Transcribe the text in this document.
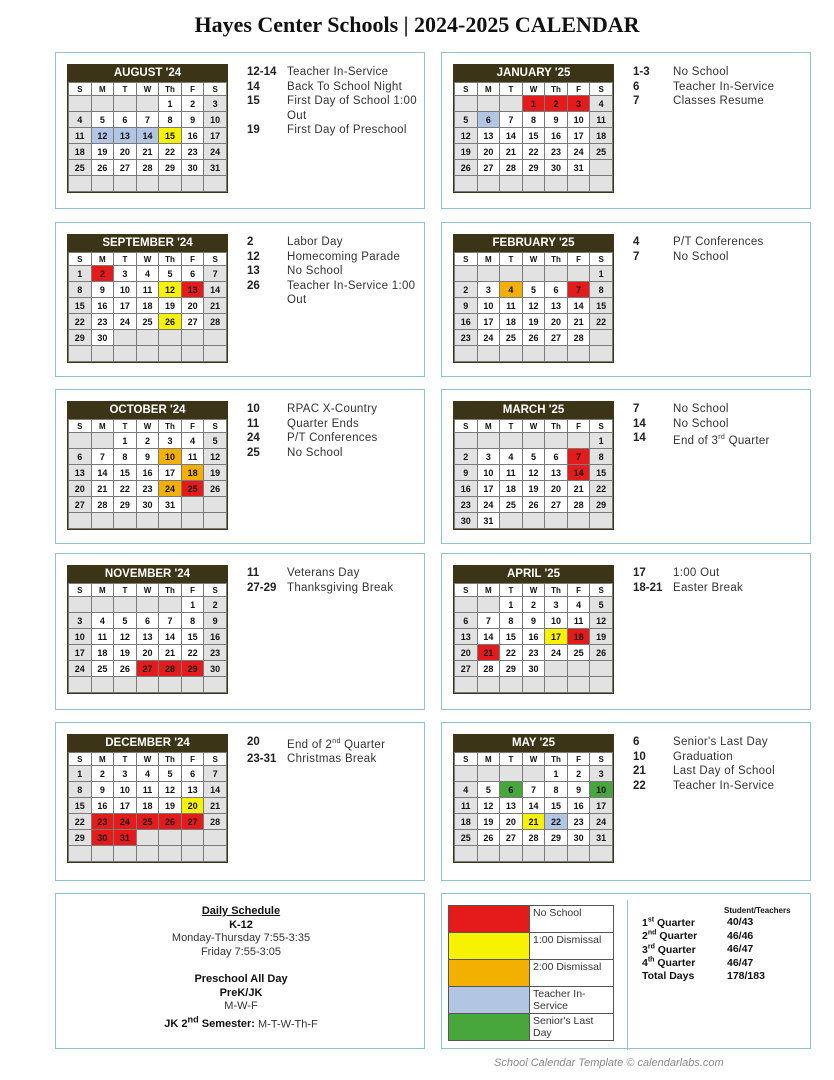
Hayes Center Schools | 2024-2025 CALENDAR
AUGUST '24
S	M	T	W	Th	F	S
				1	2	3
4	5	6	7	8	9	10
11	12	13	14	15	16	17
18	19	20	21	22	23	24
25	26	27	28	29	30	31

12-14 Teacher In-Service
14	Back To School Night
15	First Day of School 1:00 Out
19	First Day of Preschool
JANUARY '25
S	M	T	W	Th	F	S
			1	2	3	4
5	6	7	8	9	10	11
12	13	14	15	16	17	18
19	20	21	22	23	24	25
26	27	28	29	30	31	

1-3	No School
6	Teacher In-Service
7	Classes Resume
SEPTEMBER '24
S	M	T	W	Th	F	S
1	2	3	4	5	6	7
8	9	10	11	12	13	14
15	16	17	18	19	20	21
22	23	24	25	26	27	28
29	30					

2	Labor Day
12	Homecoming Parade
13	No School
26	Teacher In-Service 1:00 Out
FEBRUARY '25
S	M	T	W	Th	F	S
						1
2	3	4	5	6	7	8
9	10	11	12	13	14	15
16	17	18	19	20	21	22
23	24	25	26	27	28	

4	P/T Conferences
7	No School
OCTOBER '24
S	M	T	W	Th	F	S
		1	2	3	4	5
6	7	8	9	10	11	12
13	14	15	16	17	18	19
20	21	22	23	24	25	26
27	28	29	30	31		

10	RPAC X-Country
11	Quarter Ends
24	P/T Conferences
25	No School
MARCH '25
S	M	T	W	Th	F	S
						1
2	3	4	5	6	7	8
9	10	11	12	13	14	15
16	17	18	19	20	21	22
23	24	25	26	27	28	29
30	31					
7	No School
14	No School
14	End of 3rd Quarter
NOVEMBER '24
S	M	T	W	Th	F	S
					1	2
3	4	5	6	7	8	9
10	11	12	13	14	15	16
17	18	19	20	21	22	23
24	25	26	27	28	29	30

11	Veterans Day
27-29 Thanksgiving Break
APRIL '25
S	M	T	W	Th	F	S
		1	2	3	4	5
6	7	8	9	10	11	12
13	14	15	16	17	18	19
20	21	22	23	24	25	26
27	28	29	30			

17	1:00 Out
18-21 Easter Break
DECEMBER '24
S	M	T	W	Th	F	S
1	2	3	4	5	6	7
8	9	10	11	12	13	14
15	16	17	18	19	20	21
22	23	24	25	26	27	28
29	30	31				

20	End of 2nd Quarter
23-31 Christmas Break
MAY '25
S	M	T	W	Th	F	S
				1	2	3
4	5	6	7	8	9	10
11	12	13	14	15	16	17
18	19	20	21	22	23	24
25	26	27	28	29	30	31

6	Senior's Last Day
10	Graduation
21	Last Day of School
22	Teacher In-Service
Daily Schedule
K-12
Monday-Thursday 7:55-3:35
Friday 7:55-3:05
Preschool All Day
PreK/JK
M-W-F
JK 2nd Semester: M-T-W-Th-F
	No School
	1:00 Dismissal
	2:00 Dismissal
	Teacher In-Service
	Senior's Last Day
Student/Teachers
1st Quarter	40/43
2nd Quarter	46/46
3rd Quarter	46/47
4th Quarter	46/47
Total Days	178/183
School Calendar Template © calendarlabs.com
